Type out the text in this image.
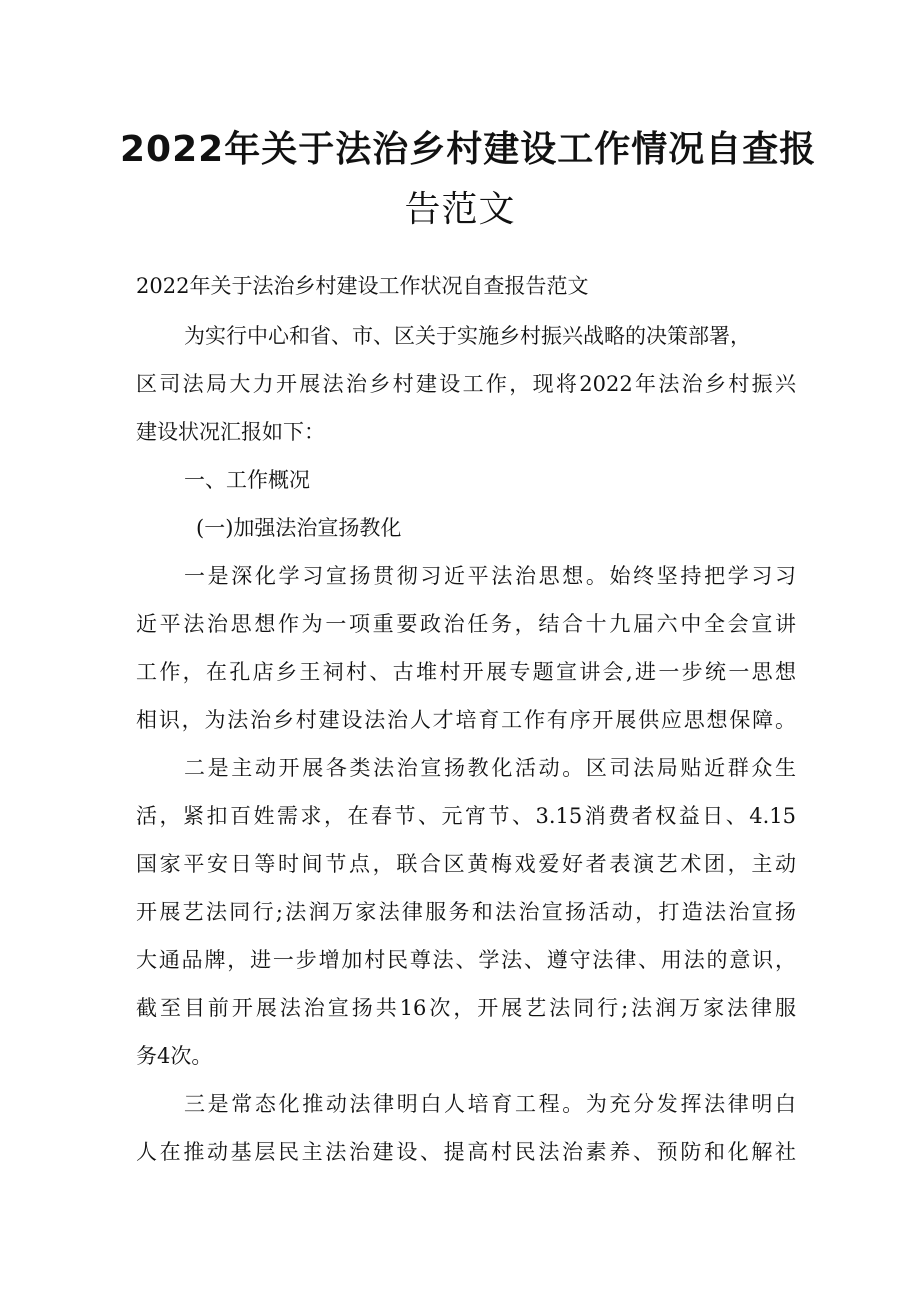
2022年关于法治乡村建设工作情况自查报
告范文
2022年关于法治乡村建设工作状况自查报告范文
为实行中心和省、市、区关于实施乡村振兴战略的决策部署，
区司法局大力开展法治乡村建设工作，现将2022年法治乡村振兴
建设状况汇报如下：
一、工作概况
(一)加强法治宣扬教化
一是深化学习宣扬贯彻习近平法治思想。始终坚持把学习习
近平法治思想作为一项重要政治任务，结合十九届六中全会宣讲
工作，在孔店乡王祠村、古堆村开展专题宣讲会,进一步统一思想
相识，为法治乡村建设法治人才培育工作有序开展供应思想保障。
二是主动开展各类法治宣扬教化活动。区司法局贴近群众生
活，紧扣百姓需求，在春节、元宵节、3.15消费者权益日、4.15
国家平安日等时间节点，联合区黄梅戏爱好者表演艺术团，主动
开展艺法同行;法润万家法律服务和法治宣扬活动，打造法治宣扬
大通品牌，进一步增加村民尊法、学法、遵守法律、用法的意识，
截至目前开展法治宣扬共16次，开展艺法同行;法润万家法律服
务4次。
三是常态化推动法律明白人培育工程。为充分发挥法律明白
人在推动基层民主法治建设、提高村民法治素养、预防和化解社
